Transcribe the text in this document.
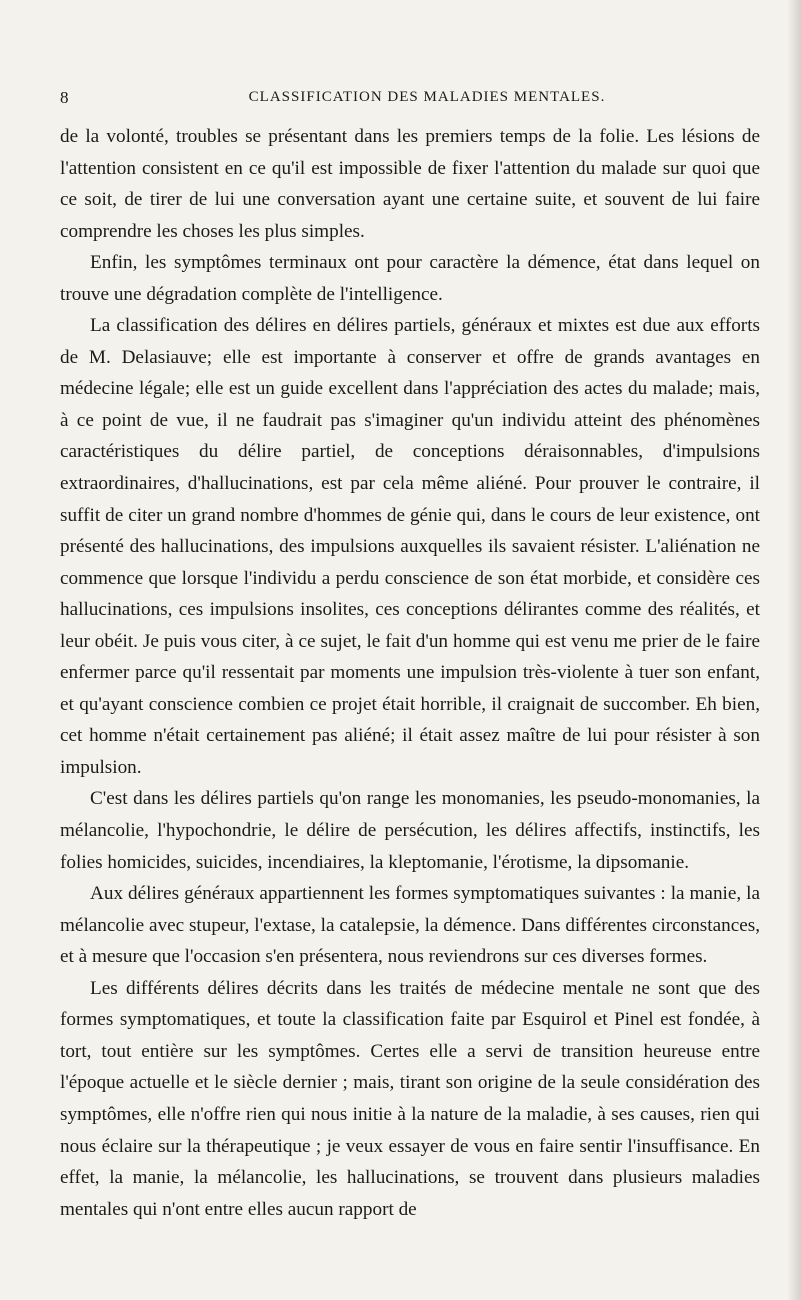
8	CLASSIFICATION DES MALADIES MENTALES.

de la volonté, troubles se présentant dans les premiers temps de la folie. Les lésions de l'attention consistent en ce qu'il est impossible de fixer l'attention du malade sur quoi que ce soit, de tirer de lui une conversation ayant une certaine suite, et souvent de lui faire comprendre les choses les plus simples.

Enfin, les symptômes terminaux ont pour caractère la démence, état dans lequel on trouve une dégradation complète de l'intelligence.

La classification des délires en délires partiels, généraux et mixtes est due aux efforts de M. Delasiauve; elle est importante à conserver et offre de grands avantages en médecine légale; elle est un guide excellent dans l'appréciation des actes du malade; mais, à ce point de vue, il ne faudrait pas s'imaginer qu'un individu atteint des phénomènes caractéristiques du délire partiel, de conceptions déraisonnables, d'impulsions extraordinaires, d'hallucinations, est par cela même aliéné. Pour prouver le contraire, il suffit de citer un grand nombre d'hommes de génie qui, dans le cours de leur existence, ont présenté des hallucinations, des impulsions auxquelles ils savaient résister. L'aliénation ne commence que lorsque l'individu a perdu conscience de son état morbide, et considère ces hallucinations, ces impulsions insolites, ces conceptions délirantes comme des réalités, et leur obéit. Je puis vous citer, à ce sujet, le fait d'un homme qui est venu me prier de le faire enfermer parce qu'il ressentait par moments une impulsion très-violente à tuer son enfant, et qu'ayant conscience combien ce projet était horrible, il craignait de succomber. Eh bien, cet homme n'était certainement pas aliéné; il était assez maître de lui pour résister à son impulsion.

C'est dans les délires partiels qu'on range les monomanies, les pseudo-monomanies, la mélancolie, l'hypochondrie, le délire de persécution, les délires affectifs, instinctifs, les folies homicides, suicides, incendiaires, la kleptomanie, l'érotisme, la dipsomanie.

Aux délires généraux appartiennent les formes symptomatiques suivantes : la manie, la mélancolie avec stupeur, l'extase, la catalepsie, la démence. Dans différentes circonstances, et à mesure que l'occasion s'en présentera, nous reviendrons sur ces diverses formes.

Les différents délires décrits dans les traités de médecine mentale ne sont que des formes symptomatiques, et toute la classification faite par Esquirol et Pinel est fondée, à tort, tout entière sur les symptômes. Certes elle a servi de transition heureuse entre l'époque actuelle et le siècle dernier ; mais, tirant son origine de la seule considération des symptômes, elle n'offre rien qui nous initie à la nature de la maladie, à ses causes, rien qui nous éclaire sur la thérapeutique ; je veux essayer de vous en faire sentir l'insuffisance. En effet, la manie, la mélancolie, les hallucinations, se trouvent dans plusieurs maladies mentales qui n'ont entre elles aucun rapport de
